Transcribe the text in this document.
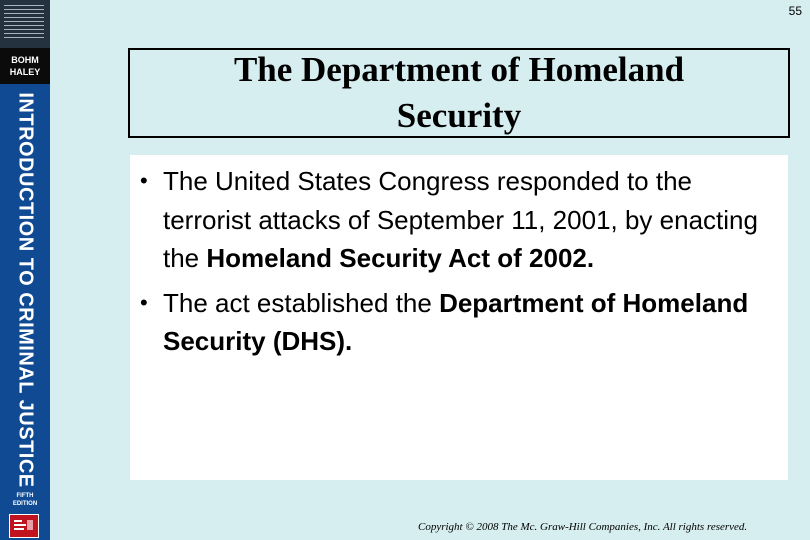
BOHM
HALEY
INTRODUCTION TO CRIMINAL JUSTICE
FIFTH
EDITION
55
The Department of Homeland Security
• The United States Congress responded to the terrorist attacks of September 11, 2001, by enacting the Homeland Security Act of 2002.
• The act established the Department of Homeland Security (DHS).
Copyright © 2008 The Mc. Graw-Hill Companies, Inc. All rights reserved.
